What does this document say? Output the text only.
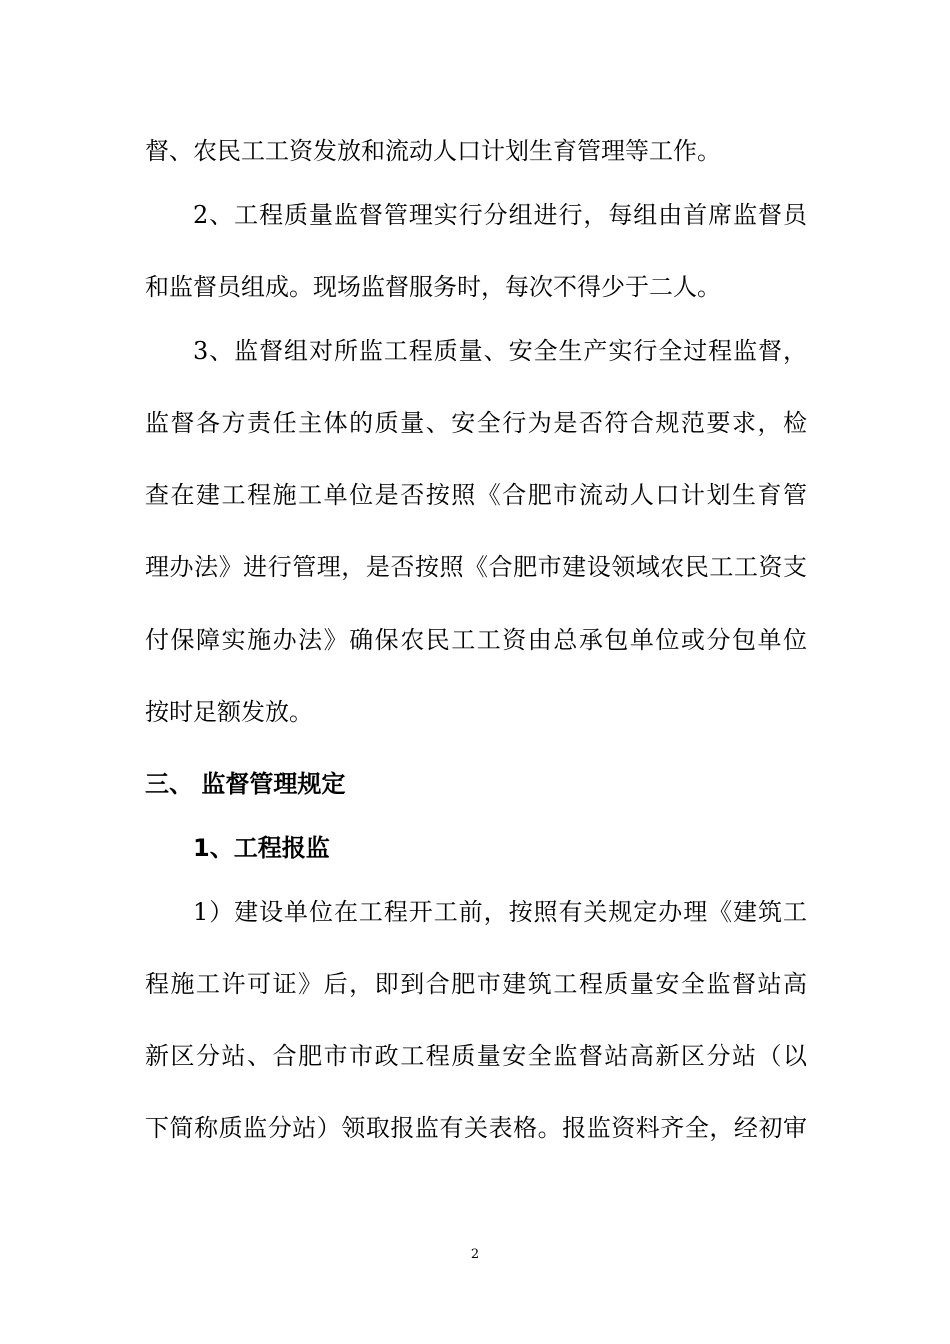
督、农民工工资发放和流动人口计划生育管理等工作。
2、工程质量监督管理实行分组进行，每组由首席监督员
和监督员组成。现场监督服务时，每次不得少于二人。
3、监督组对所监工程质量、安全生产实行全过程监督，
监督各方责任主体的质量、安全行为是否符合规范要求，检
查在建工程施工单位是否按照《合肥市流动人口计划生育管
理办法》进行管理，是否按照《合肥市建设领域农民工工资支
付保障实施办法》确保农民工工资由总承包单位或分包单位
按时足额发放。
三、 监督管理规定
1、工程报监
1）建设单位在工程开工前，按照有关规定办理《建筑工
程施工许可证》后，即到合肥市建筑工程质量安全监督站高
新区分站、合肥市市政工程质量安全监督站高新区分站（以
下简称质监分站）领取报监有关表格。报监资料齐全，经初审
2
